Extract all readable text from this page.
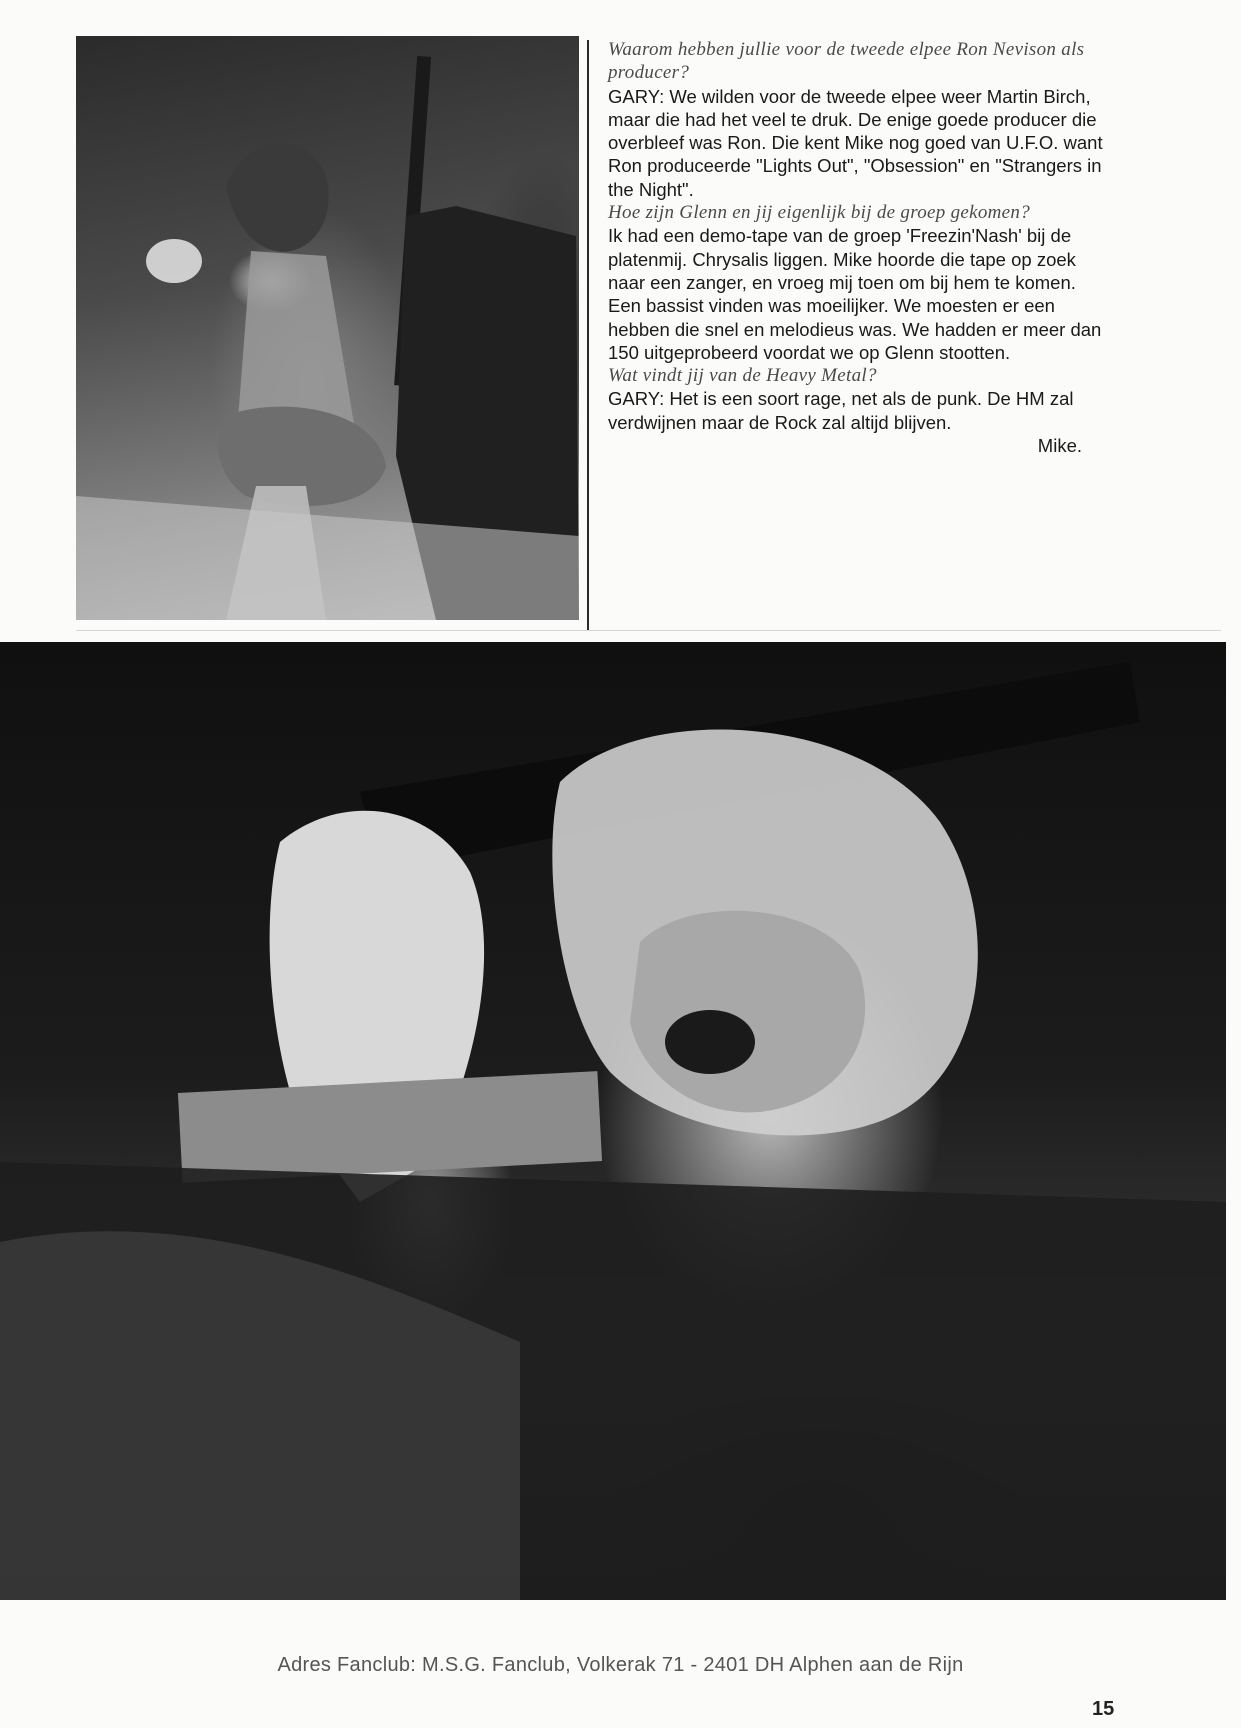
Waarom hebben jullie voor de tweede elpee Ron Nevison als producer?

GARY: We wilden voor de tweede elpee weer Martin Birch, maar die had het veel te druk. De enige goede producer die overbleef was Ron. Die kent Mike nog goed van U.F.O. want Ron produceerde "Lights Out", "Obsession" en "Strangers in the Night".

Hoe zijn Glenn en jij eigenlijk bij de groep gekomen?

Ik had een demo-tape van de groep 'Freezin'Nash' bij de platenmij. Chrysalis liggen. Mike hoorde die tape op zoek naar een zanger, en vroeg mij toen om bij hem te komen.

Een bassist vinden was moeilijker. We moesten er een hebben die snel en melodieus was. We hadden er meer dan 150 uitgeprobeerd voordat we op Glenn stootten.

Wat vindt jij van de Heavy Metal?

GARY: Het is een soort rage, net als de punk. De HM zal verdwijnen maar de Rock zal altijd blijven.

Mike.

Adres Fanclub: M.S.G. Fanclub, Volkerak 71 - 2401 DH Alphen aan de Rijn
15
